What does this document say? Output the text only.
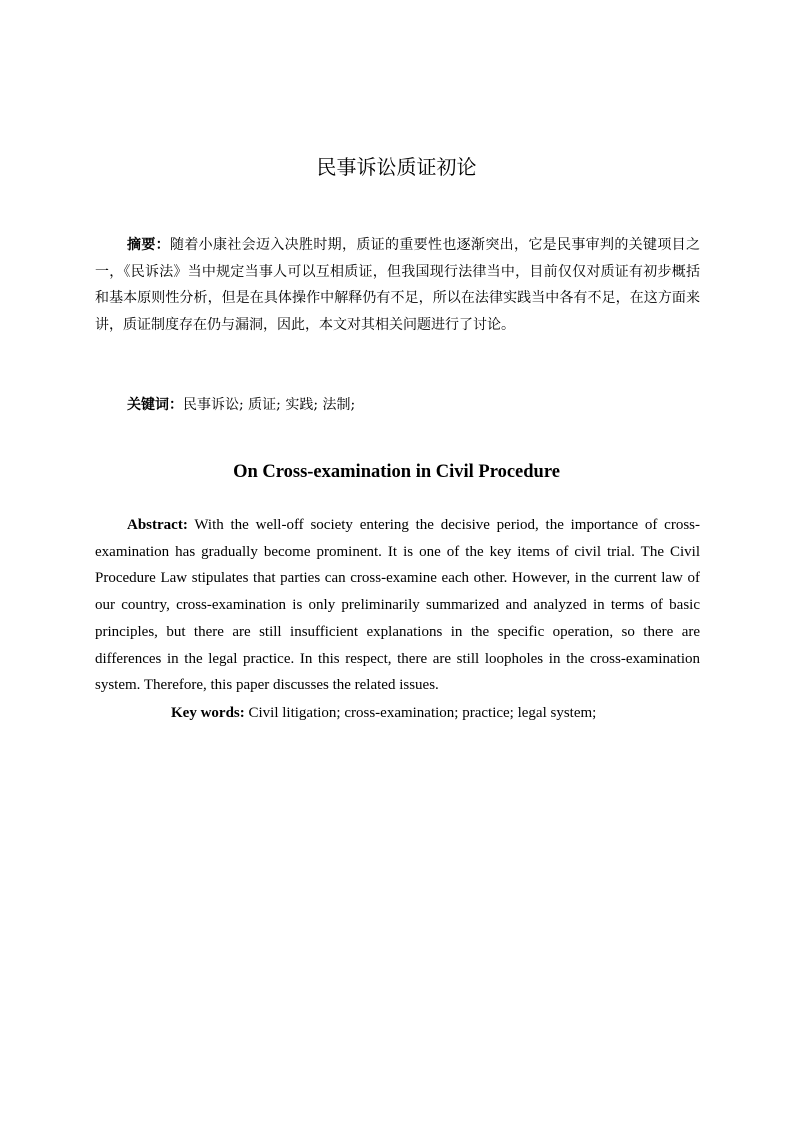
民事诉讼质证初论

摘要：随着小康社会迈入决胜时期，质证的重要性也逐渐突出，它是民事审判的关键项目之一，《民诉法》当中规定当事人可以互相质证，但我国现行法律当中，目前仅仅对质证有初步概括和基本原则性分析，但是在具体操作中解释仍有不足，所以在法律实践当中各有不足，在这方面来讲，质证制度存在仍与漏洞，因此，本文对其相关问题进行了讨论。

关键词：民事诉讼; 质证; 实践; 法制;

On Cross-examination in Civil Procedure

Abstract: With the well-off society entering the decisive period, the importance of cross-examination has gradually become prominent. It is one of the key items of civil trial. The Civil Procedure Law stipulates that parties can cross-examine each other. However, in the current law of our country, cross-examination is only preliminarily summarized and analyzed in terms of basic principles, but there are still insufficient explanations in the specific operation, so there are differences in the legal practice. In this respect, there are still loopholes in the cross-examination system. Therefore, this paper discusses the related issues.

Key words: Civil litigation; cross-examination; practice; legal system;
